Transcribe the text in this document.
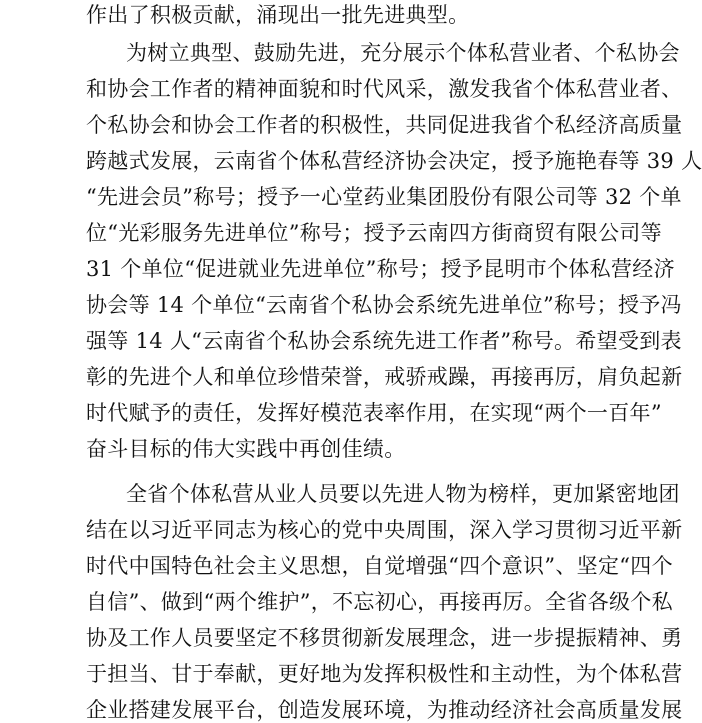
作出了积极贡献，涌现出一批先进典型。
为树立典型、鼓励先进，充分展示个体私营业者、个私协会
和协会工作者的精神面貌和时代风采，激发我省个体私营业者、
个私协会和协会工作者的积极性，共同促进我省个私经济高质量
跨越式发展，云南省个体私营经济协会决定，授予施艳春等 39 人
“先进会员”称号；授予一心堂药业集团股份有限公司等 32 个单
位“光彩服务先进单位”称号；授予云南四方街商贸有限公司等
31 个单位“促进就业先进单位”称号；授予昆明市个体私营经济
协会等 14 个单位“云南省个私协会系统先进单位”称号；授予冯
强等 14 人“云南省个私协会系统先进工作者”称号。希望受到表
彰的先进个人和单位珍惜荣誉，戒骄戒躁，再接再厉，肩负起新
时代赋予的责任，发挥好模范表率作用，在实现“两个一百年”
奋斗目标的伟大实践中再创佳绩。
全省个体私营从业人员要以先进人物为榜样，更加紧密地团
结在以习近平同志为核心的党中央周围，深入学习贯彻习近平新
时代中国特色社会主义思想，自觉增强“四个意识”、坚定“四个
自信”、做到“两个维护”，不忘初心，再接再厉。全省各级个私
协及工作人员要坚定不移贯彻新发展理念，进一步提振精神、勇
于担当、甘于奉献，更好地为发挥积极性和主动性，为个体私营
企业搭建发展平台，创造发展环境，为推动经济社会高质量发展
